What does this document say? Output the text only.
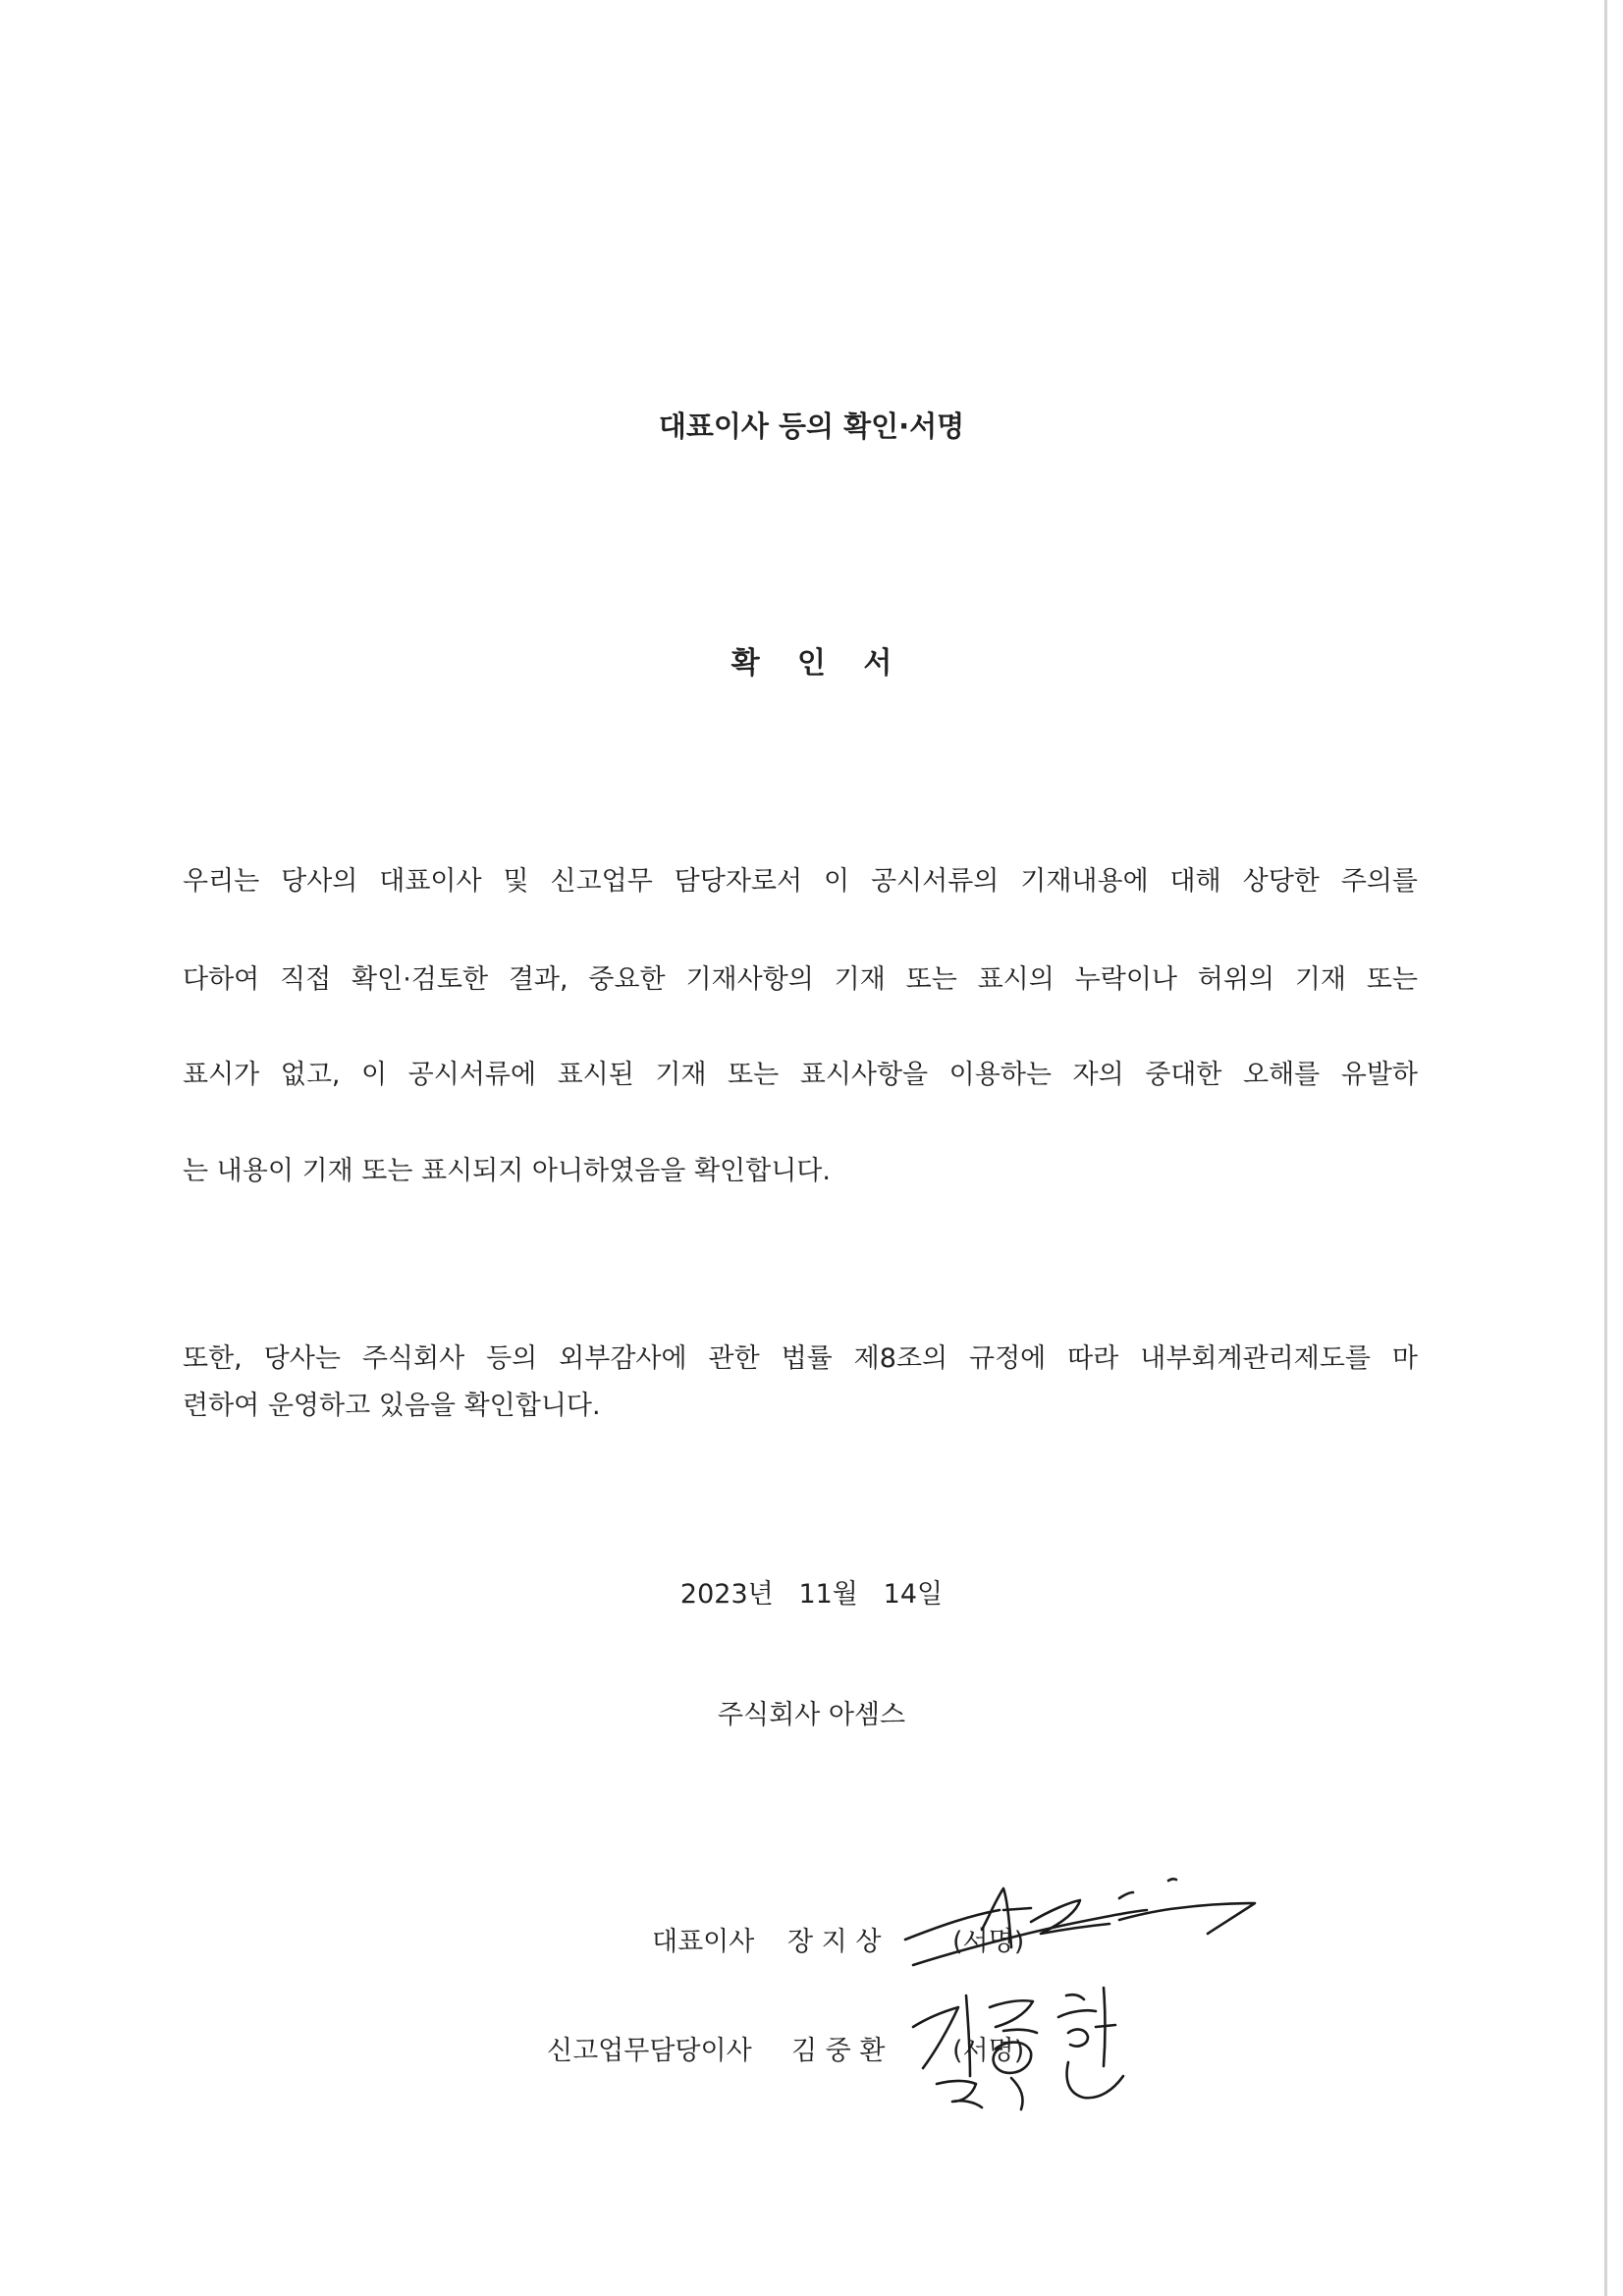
대표이사 등의 확인·서명
확 인 서
우리는 당사의 대표이사 및 신고업무 담당자로서 이 공시서류의 기재내용에 대해 상당한 주의를
다하여 직접 확인·검토한 결과, 중요한 기재사항의 기재 또는 표시의 누락이나 허위의 기재 또는
표시가 없고, 이 공시서류에 표시된 기재 또는 표시사항을 이용하는 자의 중대한 오해를 유발하
는 내용이 기재 또는 표시되지 아니하였음을 확인합니다.
또한, 당사는 주식회사 등의 외부감사에 관한 법률 제8조의 규정에 따라 내부회계관리제도를 마
련하여 운영하고 있음을 확인합니다.
2023년   11월   14일
주식회사 아셈스
대표이사 장 지 상	(서명)
신고업무담당이사 김 중 환	(서명)
